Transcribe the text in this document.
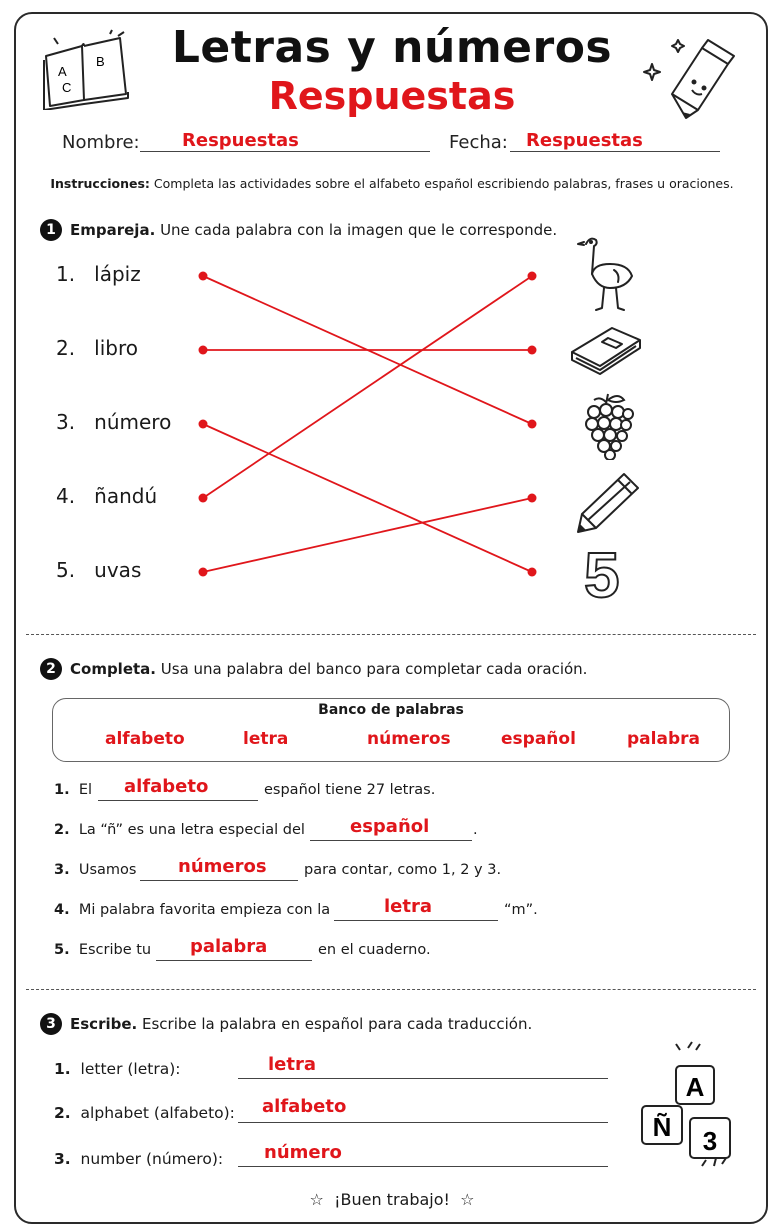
A
B
C
Letras y números
Respuestas
Nombre: Respuestas	Fecha: Respuestas
Instrucciones: Completa las actividades sobre el alfabeto español escribiendo palabras, frases u oraciones.
1 Empareja.
Une cada palabra con la imagen que le corresponde.
1. lápiz
2. libro
3. número
4. ñandú
5. uvas	5
2 Completa.
Usa una palabra del banco para completar cada oración.
Banco de palabras
alfabeto	letra	números	español	palabra
1. El alfabeto	español tiene 27 letras.
2. La “ñ” es una letra especial del	español	.
3. Usamos números	para contar, como 1, 2 y 3.
4. Mi palabra favorita empieza con la	letra	“m”.
5. Escribe tu palabra	en el cuaderno.
3 Escribe.
Escribe la palabra en español para cada traducción.
1. letter (letra):	letra
2. alphabet (alfabeto): alfabeto
3. number (número): número
A
Ñ 3
☆ ¡Buen trabajo! ☆
